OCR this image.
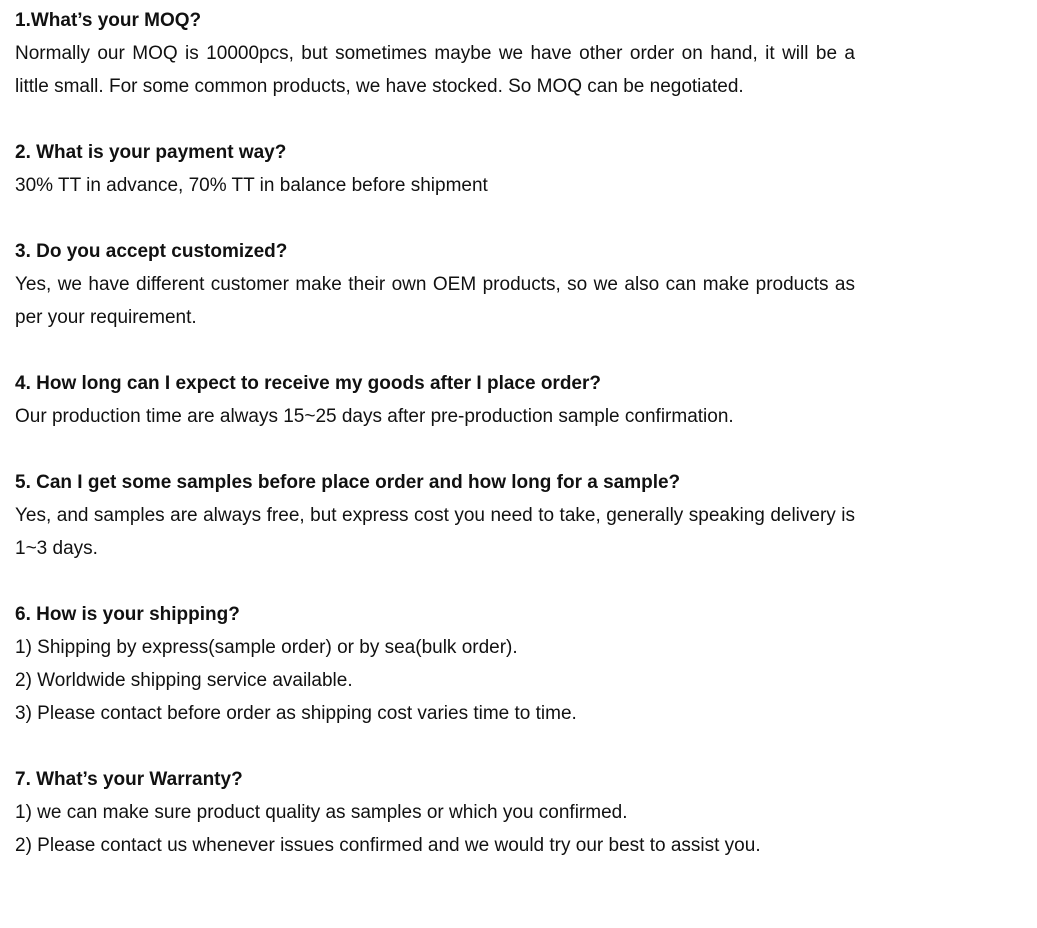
1.What’s your MOQ?
Normally our MOQ is 10000pcs, but sometimes maybe we have other order on hand, it will be a little small. For some common products, we have stocked. So MOQ can be negotiated.
2. What is your payment way?
30% TT in advance, 70% TT in balance before shipment
3. Do you accept customized?
Yes, we have different customer make their own OEM products, so we also can make products as per your requirement.
4. How long can I expect to receive my goods after I place order?
Our production time are always 15~25 days after pre-production sample confirmation.
5. Can I get some samples before place order and how long for a sample?
Yes, and samples are always free, but express cost you need to take, generally speaking delivery is 1~3 days.
6. How is your shipping?
1) Shipping by express(sample order) or by sea(bulk order).
2) Worldwide shipping service available.
3) Please contact before order as shipping cost varies time to time.
7. What’s your Warranty?
1) we can make sure product quality as samples or which you confirmed.
2) Please contact us whenever issues confirmed and we would try our best to assist you.
